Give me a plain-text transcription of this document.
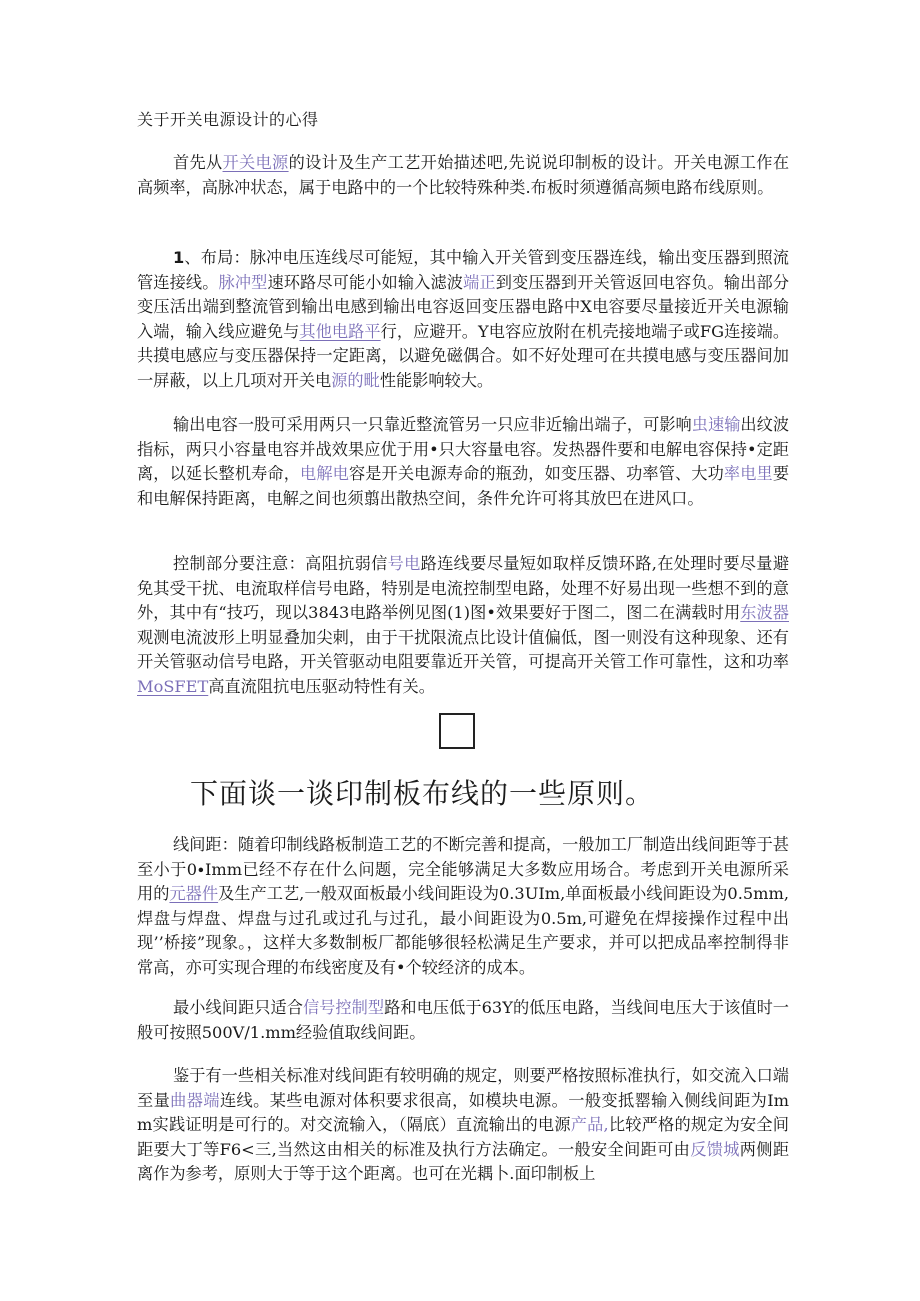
关于开关电源设计的心得

首先从开关电源的设计及生产工艺开始描述吧,先说说印制板的设计。开关电源工作在高频率，高脉冲状态，属于电路中的一个比较特殊种类.布板时须遵循高频电路布线原则。

1、布局：脉冲电压连线尽可能短，其中输入开关管到变压器连线，输出变压器到照流管连接线。脉冲型速环路尽可能小如输入滤波端正到变压器到开关管返回电容负。输出部分变压活出端到整流管到输出电感到输出电容返回变压器电路中X电容要尽量接近开关电源输入端，输入线应避免与其他电路平行，应避开。Y电容应放附在机壳接地端子或FG连接端。共摸电感应与变压器保持一定距离，以避免磁偶合。如不好处理可在共摸电感与变压器间加一屏蔽，以上几项对开关电源的毗性能影响较大。

输出电容一股可采用两只一只靠近整流管另一只应非近输出端子，可影响虫速输出纹波指标，两只小容量电容并战效果应优于用•只大容量电容。发热器件要和电解电容保持•定距离，以延长整机寿命，电解电容是开关电源寿命的瓶劲，如变压器、功率管、大功率电里要和电解保持距离，电解之间也须翦出散热空间，条件允许可将其放巴在进风口。

控制部分要注意：高阻抗弱信号电路连线要尽量短如取样反馈环路,在处理时要尽量避免其受干扰、电流取样信号电路，特别是电流控制型电路，处理不好易出现一些想不到的意外，其中有“技巧，现以3843电路举例见图(1)图•效果要好于图二，图二在满载时用东波器观测电流波形上明显叠加尖刺，由于干扰限流点比设计值偏低，图一则没有这种现象、还有开关管驱动信号电路，开关管驱动电阻要靠近开关管，可提高开关管工作可靠性，这和功率MoSFET高直流阻抗电压驱动特性有关。

下面谈一谈印制板布线的一些原则。

线间距：随着印制线路板制造工艺的不断完善和提高，一般加工厂制造出线间距等于甚至小于0∙Imm已经不存在什么问题，完全能够满足大多数应用场合。考虑到开关电源所采用的元器件及生产工艺,一般双面板最小线间距设为0.3UIm,单面板最小线间距设为0.5mm,焊盘与焊盘、焊盘与过孔或过孔与过孔，最小间距设为0.5m,可避免在焊接操作过程中出现’’桥接”现象。，这样大多数制板厂都能够很轻松满足生产要求，并可以把成品率控制得非常高，亦可实现合理的布线密度及有•个较经济的成本。

最小线间距只适合信号控制型路和电压低于63Y的低压电路，当线间电压大于该值时一般可按照500V∕1.mm经验值取线间距。

鉴于有一些相关标准对线间距有较明确的规定，则要严格按照标准执行，如交流入口端至量曲器端连线。某些电源对体积要求很高，如模块电源。一般变抵罂输入侧线间距为Imm实践证明是可行的。对交流输入，（隔底）直流输出的电源产品,比较严格的规定为安全间距要大丁等F6<三,当然这由相关的标准及执行方法确定。一般安全间距可由反馈城两侧距离作为参考，原则大于等于这个距离。也可在光耦卜.面印制板上
